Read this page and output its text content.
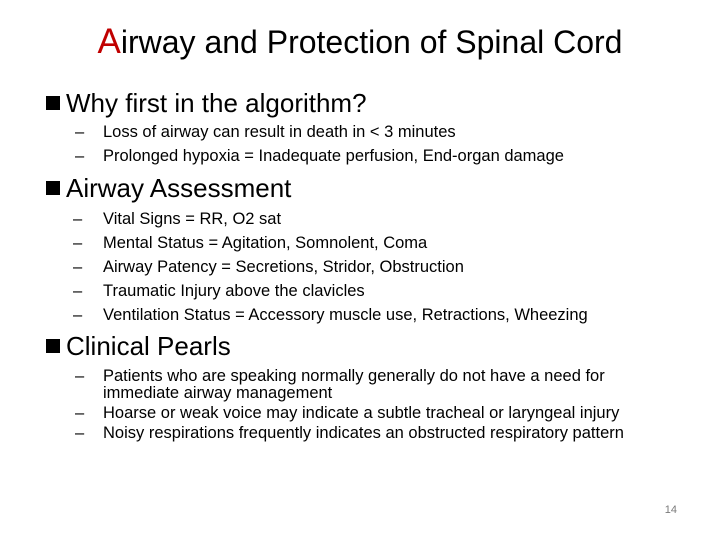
Airway and Protection of Spinal Cord
Why first in the algorithm?
– Loss of airway can result in death in < 3 minutes
– Prolonged hypoxia = Inadequate perfusion, End-organ damage
Airway Assessment
– Vital Signs = RR, O2 sat
– Mental Status = Agitation, Somnolent, Coma
– Airway Patency = Secretions, Stridor, Obstruction
– Traumatic Injury above the clavicles
– Ventilation Status = Accessory muscle use, Retractions, Wheezing
Clinical Pearls
– Patients who are speaking normally generally do not have a need for immediate airway management
– Hoarse or weak voice may indicate a subtle tracheal or laryngeal injury
– Noisy respirations frequently indicates an obstructed respiratory pattern
14
